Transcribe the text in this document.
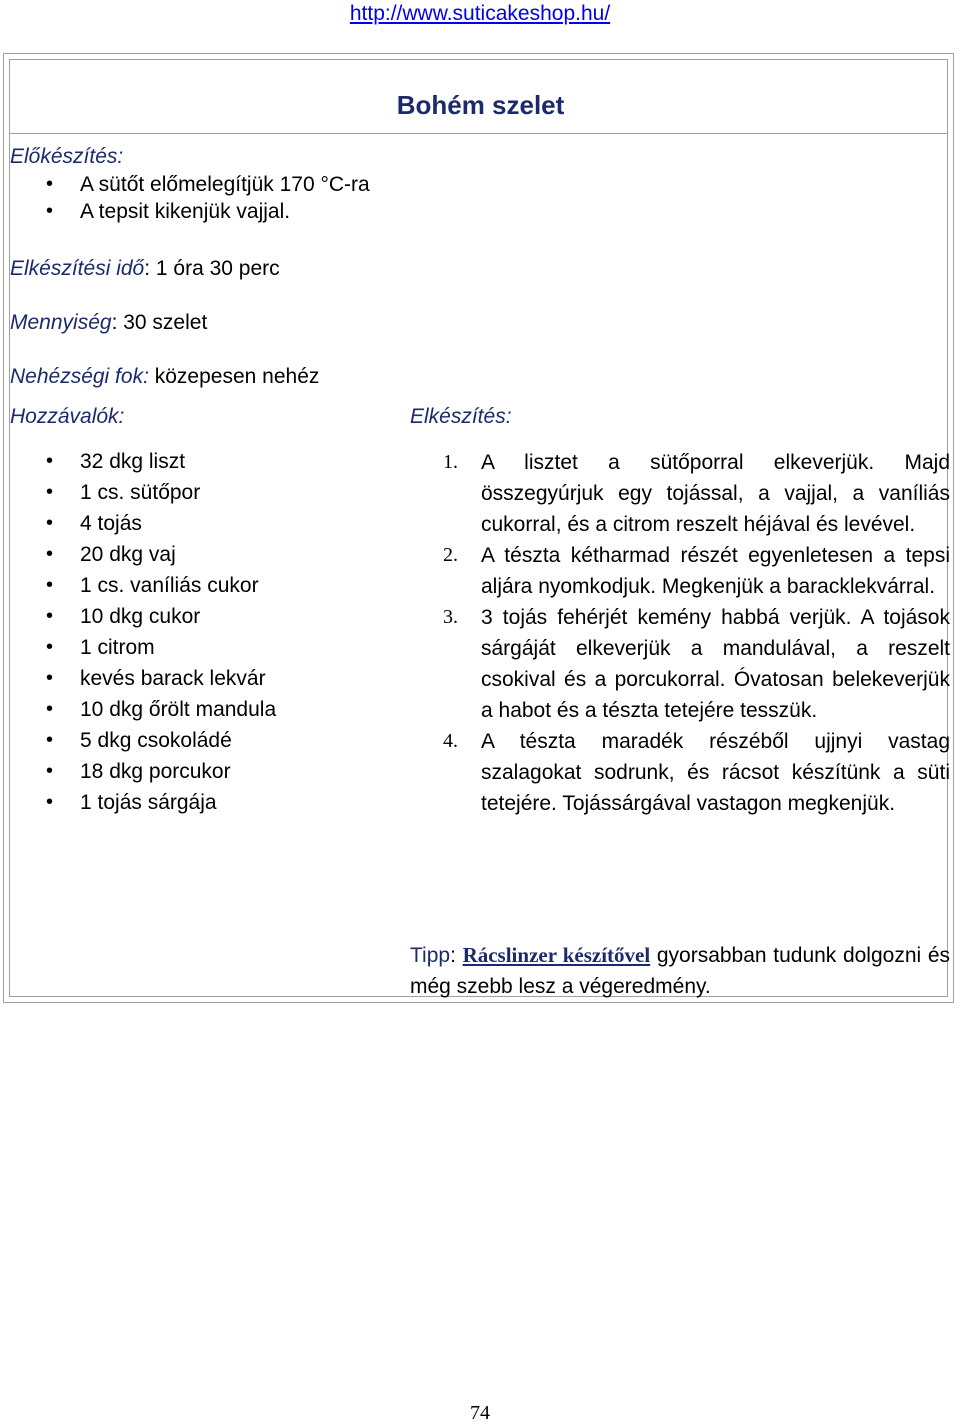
http://www.suticakeshop.hu/
Bohém szelet
Előkészítés:
• A sütőt előmelegítjük 170 °C-ra
• A tepsit kikenjük vajjal.
Elkészítési idő: 1 óra 30 perc
Mennyiség: 30 szelet
Nehézségi fok: közepesen nehéz
Hozzávalók:
• 32 dkg liszt
• 1 cs. sütőpor
• 4 tojás
• 20 dkg vaj
• 1 cs. vaníliás cukor
• 10 dkg cukor
• 1 citrom
• kevés barack lekvár
• 10 dkg őrölt mandula
• 5 dkg csokoládé
• 18 dkg porcukor
• 1 tojás sárgája
Elkészítés:
1. A lisztet a sütőporral elkeverjük. Majd összegyúrjuk egy tojással, a vajjal, a vaníliás cukorral, és a citrom reszelt héjával és levével.
2. A tészta kétharmad részét egyenletesen a tepsi aljára nyomkodjuk. Megkenjük a baracklekvárral.
3. 3 tojás fehérjét kemény habbá verjük. A tojások sárgáját elkeverjük a mandulával, a reszelt csokival és a porcukorral. Óvatosan belekeverjük a habot és a tészta tetejére tesszük.
4. A tészta maradék részéből ujjnyi vastag szalagokat sodrunk, és rácsot készítünk a süti tetejére. Tojássárgával vastagon megkenjük.
Tipp: Rácslinzer készítővel gyorsabban tudunk dolgozni és még szebb lesz a végeredmény.
74
